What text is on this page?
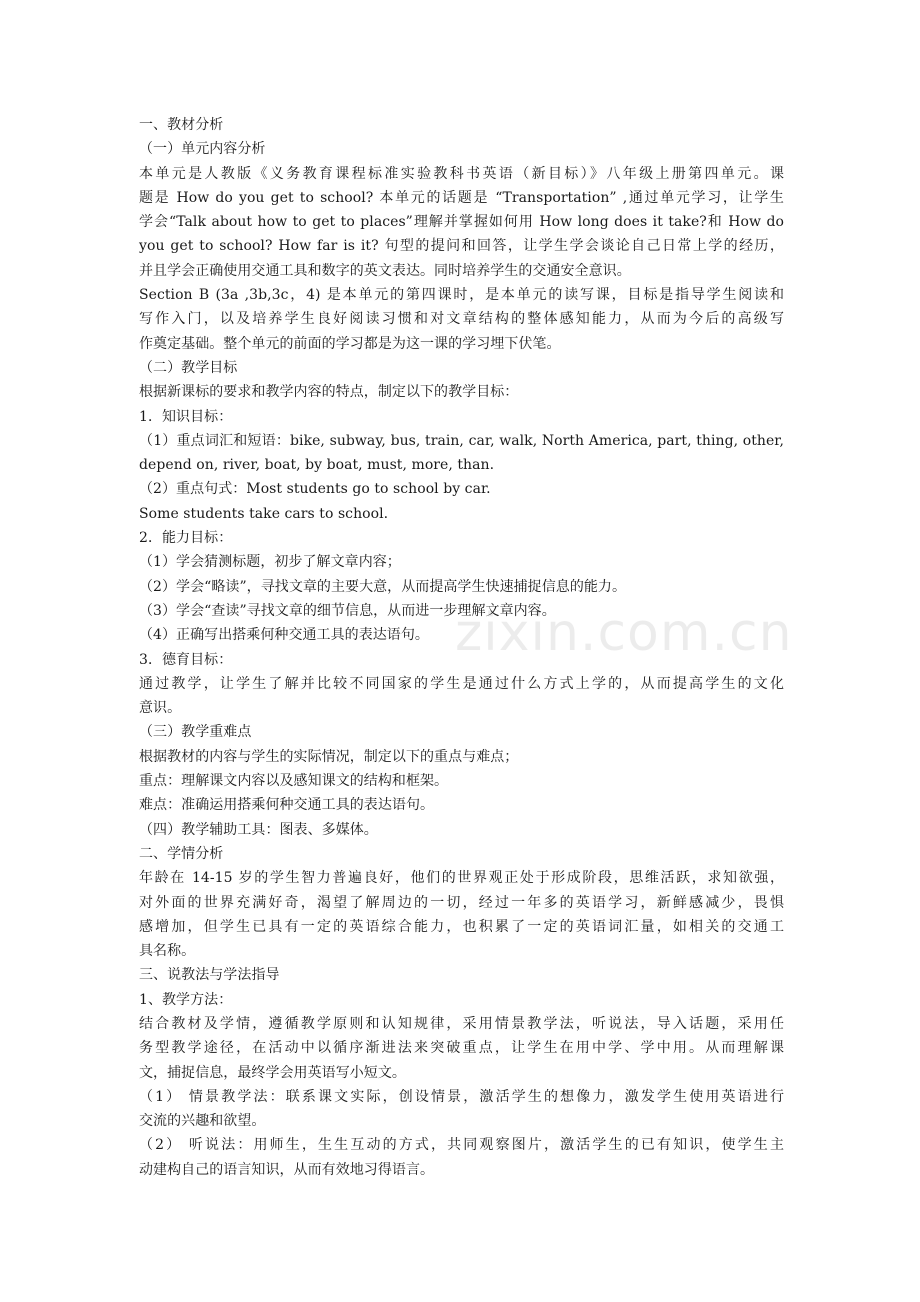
一、教材分析
（一）单元内容分析
本单元是人教版《义务教育课程标准实验教科书英语（新目标）》八年级上册第四单元。课
题是 How do you get to school? 本单元的话题是 “Transportation” ,通过单元学习，让学生
学会“Talk about how to get to places”理解并掌握如何用 How long does it take?和 How do
you get to school? How far is it? 句型的提问和回答，让学生学会谈论自己日常上学的经历，
并且学会正确使用交通工具和数字的英文表达。同时培养学生的交通安全意识。
Section B (3a ,3b,3c，4) 是本单元的第四课时，是本单元的读写课，目标是指导学生阅读和
写作入门，以及培养学生良好阅读习惯和对文章结构的整体感知能力，从而为今后的高级写
作奠定基础。整个单元的前面的学习都是为这一课的学习埋下伏笔。
（二）教学目标
根据新课标的要求和教学内容的特点，制定以下的教学目标：
1．知识目标：
（1）重点词汇和短语：bike, subway, bus, train, car, walk, North America, part, thing, other,
depend on, river, boat, by boat, must, more, than.
（2）重点句式：Most students go to school by car.
Some students take cars to school.
2．能力目标：
（1）学会猜测标题，初步了解文章内容；
（2）学会“略读”，寻找文章的主要大意，从而提高学生快速捕捉信息的能力。
（3）学会“查读”寻找文章的细节信息，从而进一步理解文章内容。
（4）正确写出搭乘何种交通工具的表达语句。
3．德育目标：
通过教学，让学生了解并比较不同国家的学生是通过什么方式上学的，从而提高学生的文化
意识。
（三）教学重难点
根据教材的内容与学生的实际情况，制定以下的重点与难点；
重点：理解课文内容以及感知课文的结构和框架。
难点：准确运用搭乘何种交通工具的表达语句。
（四）教学辅助工具：图表、多媒体。
二、学情分析
年龄在 14-15 岁的学生智力普遍良好，他们的世界观正处于形成阶段，思维活跃，求知欲强，
对外面的世界充满好奇，渴望了解周边的一切，经过一年多的英语学习，新鲜感减少，畏惧
感增加，但学生已具有一定的英语综合能力，也积累了一定的英语词汇量，如相关的交通工
具名称。
三、说教法与学法指导
1、教学方法：
结合教材及学情，遵循教学原则和认知规律，采用情景教学法，听说法，导入话题，采用任
务型教学途径，在活动中以循序渐进法来突破重点，让学生在用中学、学中用。从而理解课
文，捕捉信息，最终学会用英语写小短文。
（1） 情景教学法：联系课文实际，创设情景，激活学生的想像力，激发学生使用英语进行
交流的兴趣和欲望。
（2） 听说法：用师生，生生互动的方式，共同观察图片，激活学生的已有知识，使学生主
动建构自己的语言知识，从而有效地习得语言。
zixin.com.cn
